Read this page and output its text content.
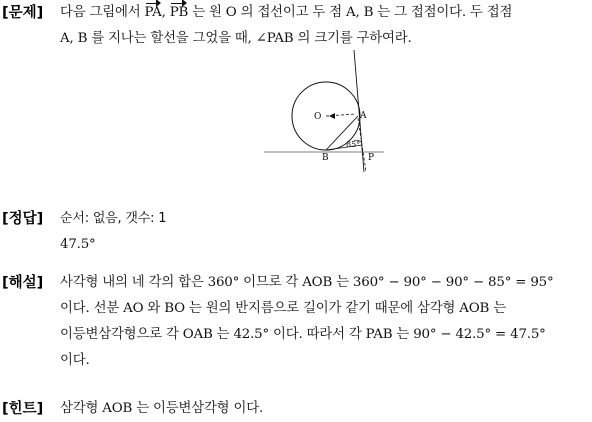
[문제] 다음 그림에서 PA, PB 는 원 O 의 접선이고 두 점 A, B 는 그 접점이다. 두 접점
A, B 를 지나는 할선을 그었을 때, ∠PAB 의 크기를 구하여라.
O	A
B	P
85°
[정답] 순서: 없음, 갯수: 1
47.5°
[해설] 사각형 내의 네 각의 합은 360° 이므로 각 AOB 는 360° − 90° − 90° − 85° = 95°
이다. 선분 AO 와 BO 는 원의 반지름으로 길이가 같기 때문에 삼각형 AOB 는
이등변삼각형으로 각 OAB 는 42.5° 이다. 따라서 각 PAB 는 90° − 42.5° = 47.5°
이다.
[힌트] 삼각형 AOB 는 이등변삼각형 이다.
